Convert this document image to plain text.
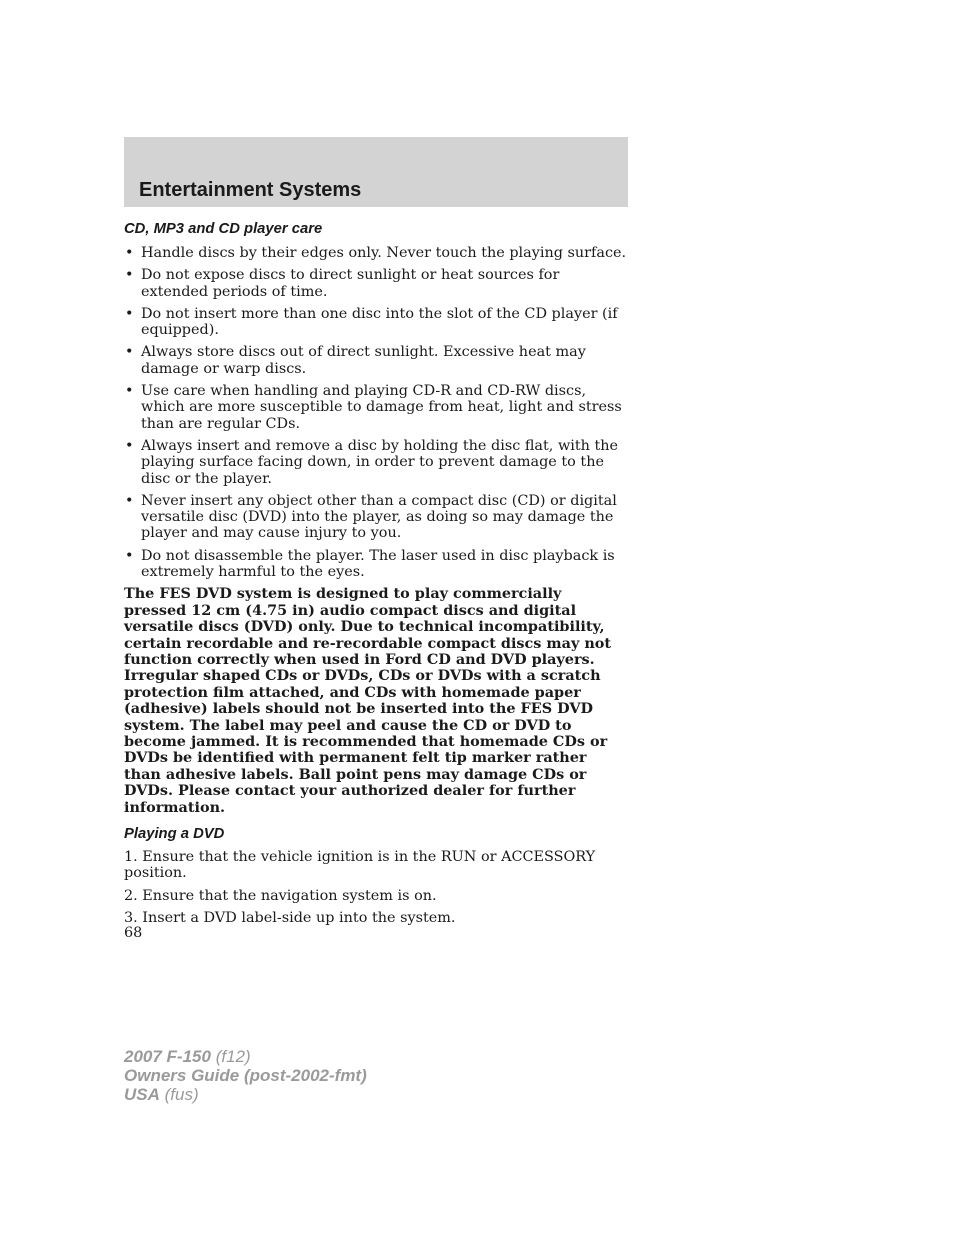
Entertainment Systems
CD, MP3 and CD player care
• Handle discs by their edges only. Never touch the playing surface.
• Do not expose discs to direct sunlight or heat sources for extended periods of time.
• Do not insert more than one disc into the slot of the CD player (if equipped).
• Always store discs out of direct sunlight. Excessive heat may damage or warp discs.
• Use care when handling and playing CD-R and CD-RW discs, which are more susceptible to damage from heat, light and stress than are regular CDs.
• Always insert and remove a disc by holding the disc flat, with the playing surface facing down, in order to prevent damage to the disc or the player.
• Never insert any object other than a compact disc (CD) or digital versatile disc (DVD) into the player, as doing so may damage the player and may cause injury to you.
• Do not disassemble the player. The laser used in disc playback is extremely harmful to the eyes.

The FES DVD system is designed to play commercially pressed 12 cm (4.75 in) audio compact discs and digital versatile discs (DVD) only. Due to technical incompatibility, certain recordable and re-recordable compact discs may not function correctly when used in Ford CD and DVD players. Irregular shaped CDs or DVDs, CDs or DVDs with a scratch protection film attached, and CDs with homemade paper (adhesive) labels should not be inserted into the FES DVD system. The label may peel and cause the CD or DVD to become jammed. It is recommended that homemade CDs or DVDs be identified with permanent felt tip marker rather than adhesive labels. Ball point pens may damage CDs or DVDs. Please contact your authorized dealer for further information.

Playing a DVD
1. Ensure that the vehicle ignition is in the RUN or ACCESSORY position.
2. Ensure that the navigation system is on.
3. Insert a DVD label-side up into the system.
68
2007 F-150 (f12)
Owners Guide (post-2002-fmt)
USA (fus)
